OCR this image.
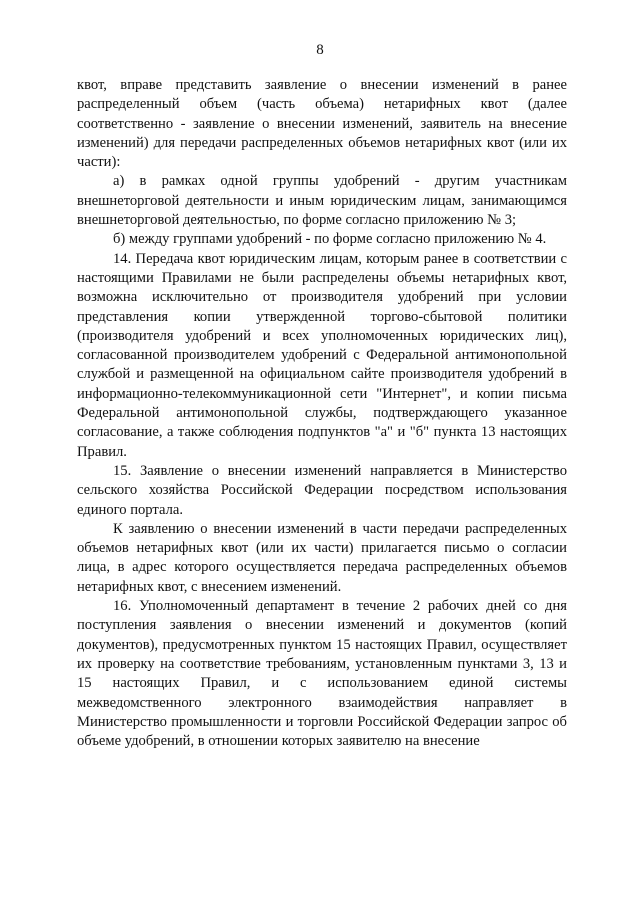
8

квот, вправе представить заявление о внесении изменений в ранее распределенный объем (часть объема) нетарифных квот (далее соответственно - заявление о внесении изменений, заявитель на внесение изменений) для передачи распределенных объемов нетарифных квот (или их части):

а) в рамках одной группы удобрений - другим участникам внешнеторговой деятельности и иным юридическим лицам, занимающимся внешнеторговой деятельностью, по форме согласно приложению № 3;

б) между группами удобрений - по форме согласно приложению № 4.

14. Передача квот юридическим лицам, которым ранее в соответствии с настоящими Правилами не были распределены объемы нетарифных квот, возможна исключительно от производителя удобрений при условии представления копии утвержденной торгово-сбытовой политики (производителя удобрений и всех уполномоченных юридических лиц), согласованной производителем удобрений с Федеральной антимонопольной службой и размещенной на официальном сайте производителя удобрений в информационно-телекоммуникационной сети "Интернет", и копии письма Федеральной антимонопольной службы, подтверждающего указанное согласование, а также соблюдения подпунктов "а" и "б" пункта 13 настоящих Правил.

15. Заявление о внесении изменений направляется в Министерство сельского хозяйства Российской Федерации посредством использования единого портала.

К заявлению о внесении изменений в части передачи распределенных объемов нетарифных квот (или их части) прилагается письмо о согласии лица, в адрес которого осуществляется передача распределенных объемов нетарифных квот, с внесением изменений.

16. Уполномоченный департамент в течение 2 рабочих дней со дня поступления заявления о внесении изменений и документов (копий документов), предусмотренных пунктом 15 настоящих Правил, осуществляет их проверку на соответствие требованиям, установленным пунктами 3, 13 и 15 настоящих Правил, и с использованием единой системы межведомственного электронного взаимодействия направляет в Министерство промышленности и торговли Российской Федерации запрос об объеме удобрений, в отношении которых заявителю на внесение
